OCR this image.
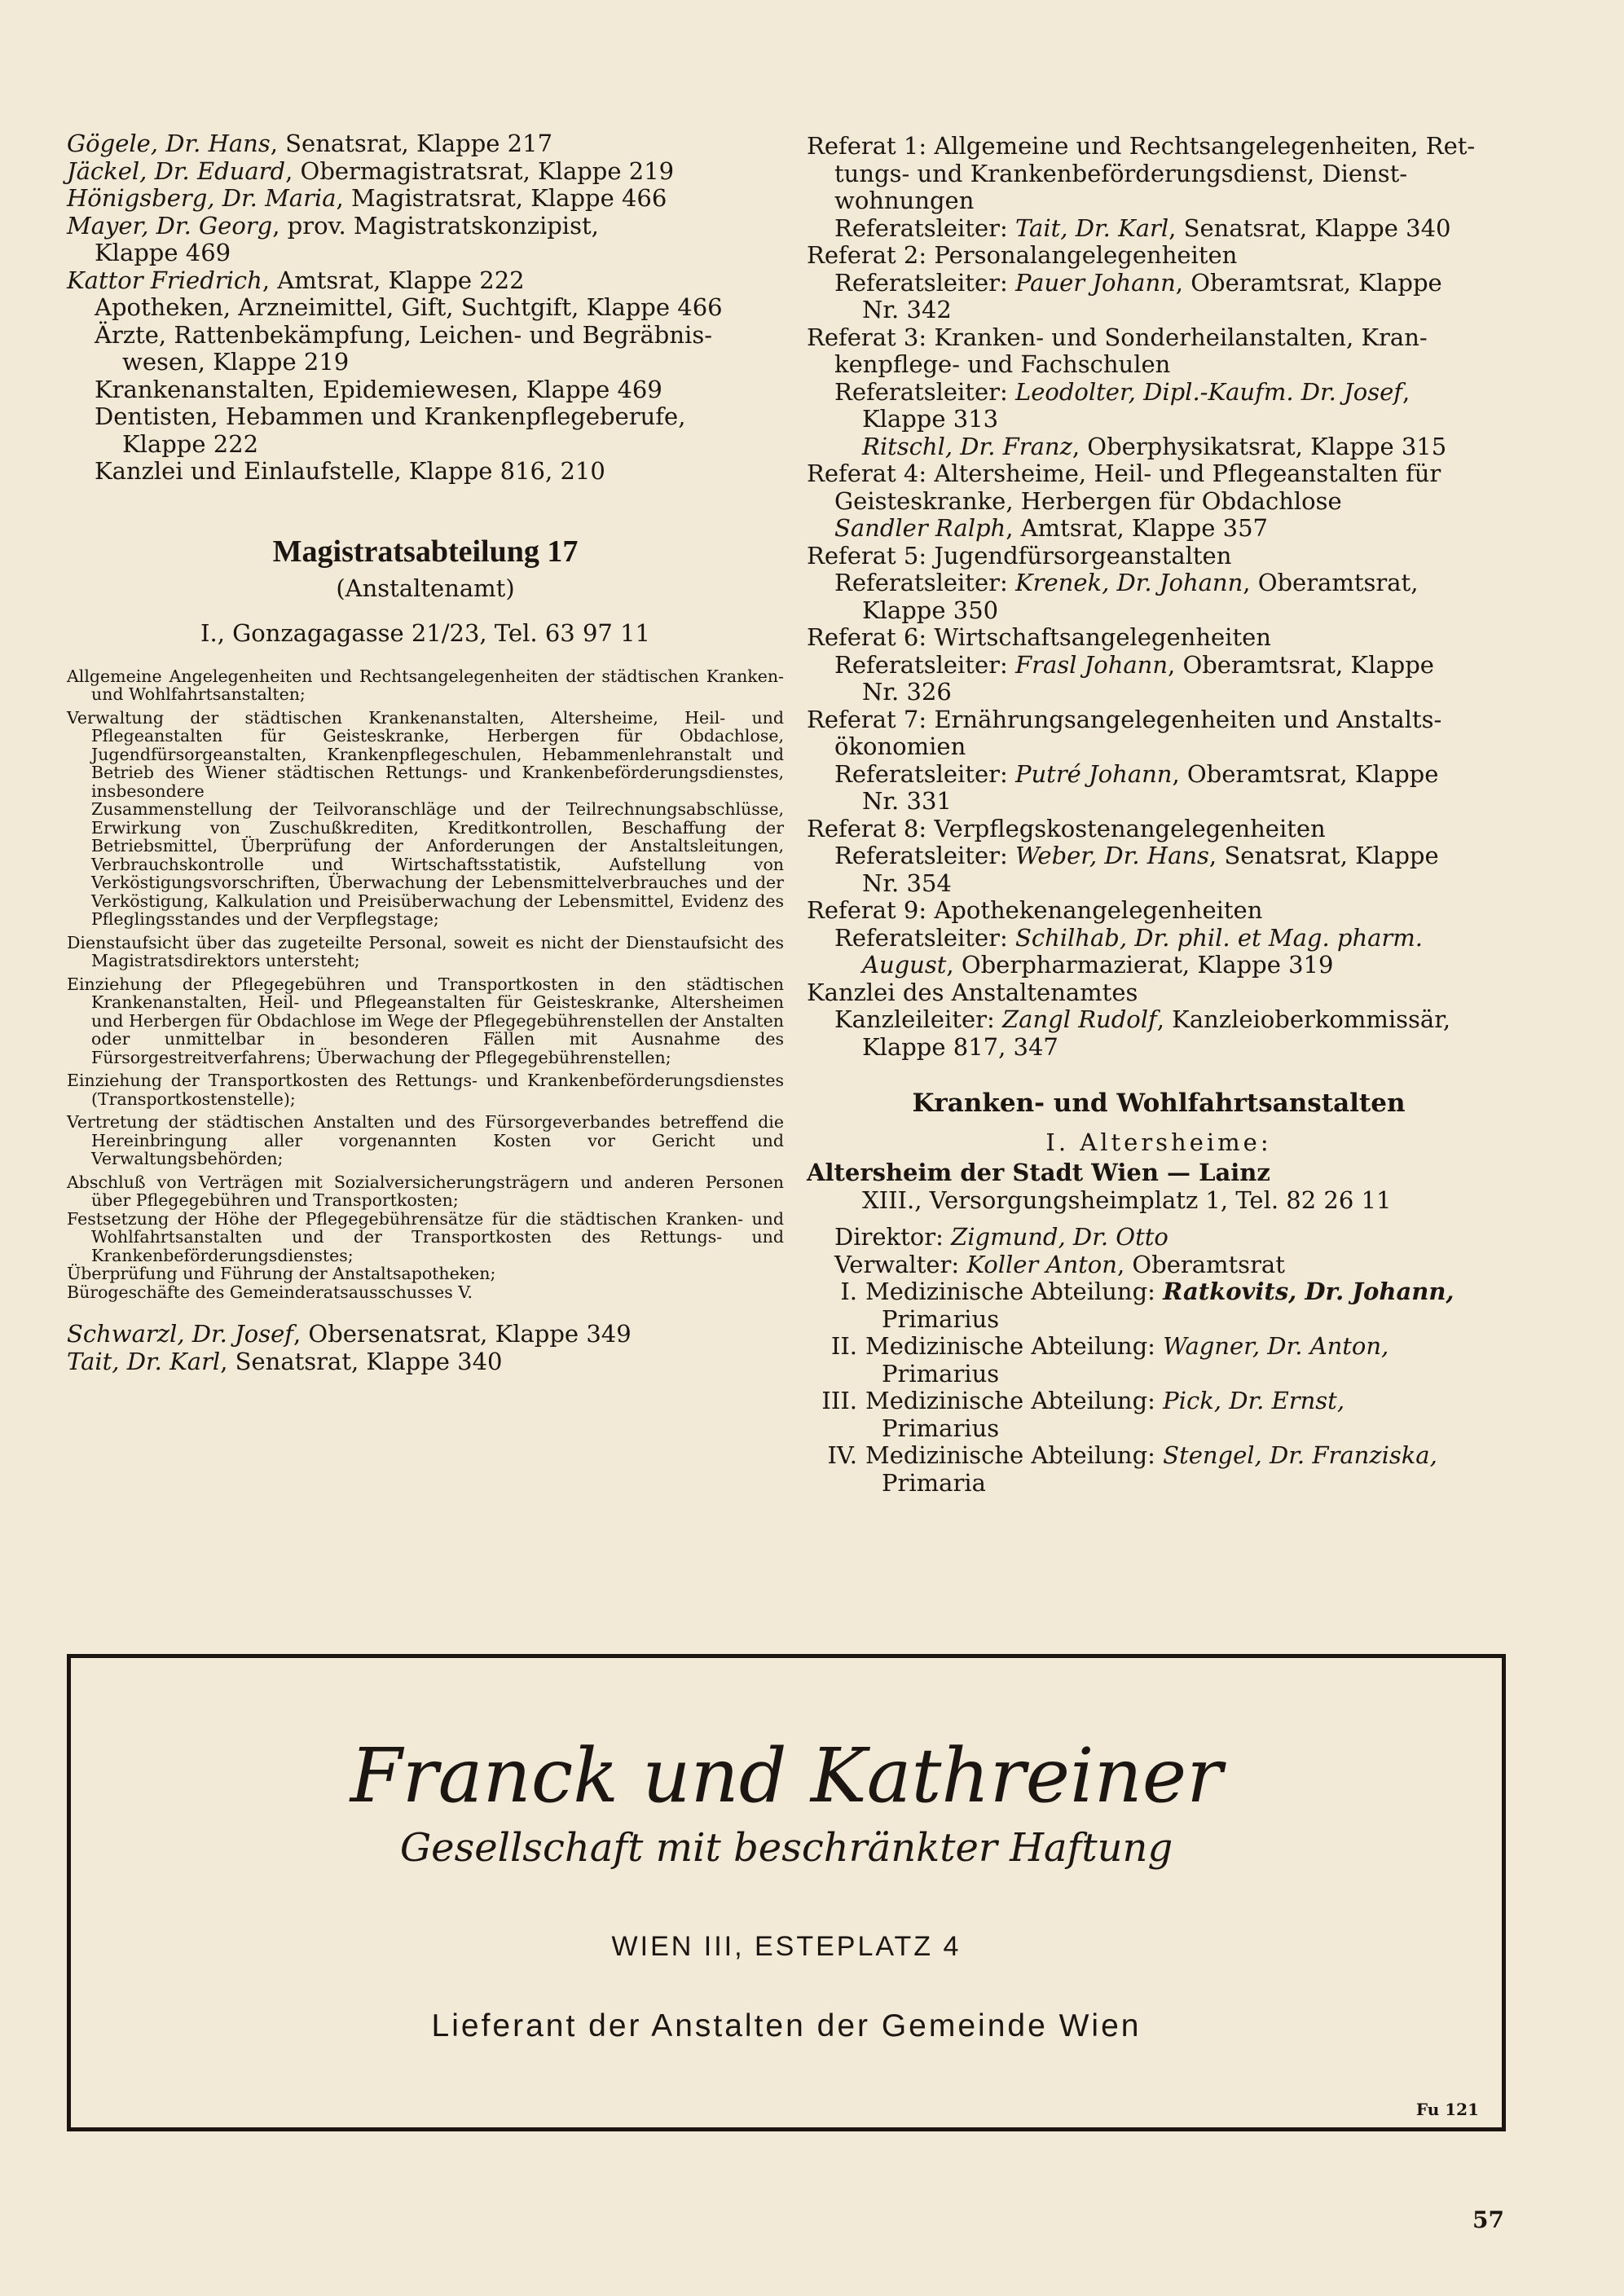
Gögele, Dr. Hans, Senatsrat, Klappe 217
Jäckel, Dr. Eduard, Obermagistratsrat, Klappe 219
Hönigsberg, Dr. Maria, Magistratsrat, Klappe 466
Mayer, Dr. Georg, prov. Magistratskonzipist,
Klappe 469
Kattor Friedrich, Amtsrat, Klappe 222
Apotheken, Arzneimittel, Gift, Suchtgift, Klappe 466
Ärzte, Rattenbekämpfung, Leichen- und Begräbnis-
wesen, Klappe 219
Krankenanstalten, Epidemiewesen, Klappe 469
Dentisten, Hebammen und Krankenpflegeberufe,
Klappe 222
Kanzlei und Einlaufstelle, Klappe 816, 210
Magistratsabteilung 17
(Anstaltenamt)
I., Gonzagagasse 21/23, Tel. 63 97 11

Allgemeine Angelegenheiten und Rechtsangelegenheiten der städtischen Kranken- und Wohlfahrtsanstalten;

Verwaltung der städtischen Krankenanstalten, Altersheime, Heil- und Pflegeanstalten für Geisteskranke, Herbergen für Obdachlose, Jugendfürsorgeanstalten, Krankenpflegeschulen, Hebammenlehranstalt und Betrieb des Wiener städtischen Rettungs- und Krankenbeförderungsdienstes, insbesondere

Zusammenstellung der Teilvoranschläge und der Teilrechnungsabschlüsse, Erwirkung von Zuschußkrediten, Kreditkontrollen, Beschaffung der Betriebsmittel, Überprüfung der Anforderungen der Anstaltsleitungen, Verbrauchskontrolle und Wirtschaftsstatistik, Aufstellung von Verköstigungsvorschriften, Überwachung der Lebensmittelverbrauches und der Verköstigung, Kalkulation und Preisüberwachung der Lebensmittel, Evidenz des Pfleglingsstandes und der Verpflegstage;

Dienstaufsicht über das zugeteilte Personal, soweit es nicht der Dienstaufsicht des Magistratsdirektors untersteht;

Einziehung der Pflegegebühren und Transportkosten in den städtischen Krankenanstalten, Heil- und Pflegeanstalten für Geisteskranke, Altersheimen und Herbergen für Obdachlose im Wege der Pflegegebührenstellen der Anstalten oder unmittelbar in besonderen Fällen mit Ausnahme des Fürsorgestreitverfahrens; Überwachung der Pflegegebührenstellen;

Einziehung der Transportkosten des Rettungs- und Krankenbeförderungsdienstes (Transportkostenstelle);

Vertretung der städtischen Anstalten und des Fürsorgeverbandes betreffend die Hereinbringung aller vorgenannten Kosten vor Gericht und Verwaltungsbehörden;

Abschluß von Verträgen mit Sozialversicherungsträgern und anderen Personen über Pflegegebühren und Transportkosten;

Festsetzung der Höhe der Pflegegebührensätze für die städtischen Kranken- und Wohlfahrtsanstalten und der Transportkosten des Rettungs- und Krankenbeförderungsdienstes;

Überprüfung und Führung der Anstaltsapotheken;

Bürogeschäfte des Gemeinderatsausschusses V.

Schwarzl, Dr. Josef, Obersenatsrat, Klappe 349
Tait, Dr. Karl, Senatsrat, Klappe 340
Referat 1: Allgemeine und Rechtsangelegenheiten, Ret-
tungs- und Krankenbeförderungsdienst, Dienst-
wohnungen
Referatsleiter: Tait, Dr. Karl, Senatsrat, Klappe 340
Referat 2: Personalangelegenheiten
Referatsleiter: Pauer Johann, Oberamtsrat, Klappe
Nr. 342
Referat 3: Kranken- und Sonderheilanstalten, Kran-
kenpflege- und Fachschulen
Referatsleiter: Leodolter, Dipl.-Kaufm. Dr. Josef,
Klappe 313
Ritschl, Dr. Franz, Oberphysikatsrat, Klappe 315
Referat 4: Altersheime, Heil- und Pflegeanstalten für
Geisteskranke, Herbergen für Obdachlose
Sandler Ralph, Amtsrat, Klappe 357
Referat 5: Jugendfürsorgeanstalten
Referatsleiter: Krenek, Dr. Johann, Oberamtsrat,
Klappe 350
Referat 6: Wirtschaftsangelegenheiten
Referatsleiter: Frasl Johann, Oberamtsrat, Klappe
Nr. 326
Referat 7: Ernährungsangelegenheiten und Anstalts-
ökonomien
Referatsleiter: Putré Johann, Oberamtsrat, Klappe
Nr. 331
Referat 8: Verpflegskostenangelegenheiten
Referatsleiter: Weber, Dr. Hans, Senatsrat, Klappe
Nr. 354
Referat 9: Apothekenangelegenheiten
Referatsleiter: Schilhab, Dr. phil. et Mag. pharm.
August, Oberpharmazierat, Klappe 319
Kanzlei des Anstaltenamtes
Kanzleileiter: Zangl Rudolf, Kanzleioberkommissär,
Klappe 817, 347
Kranken- und Wohlfahrtsanstalten
I. Altersheime:
Altersheim der Stadt Wien — Lainz
XIII., Versorgungsheimplatz 1, Tel. 82 26 11
Direktor: Zigmund, Dr. Otto
Verwalter: Koller Anton, Oberamtsrat
I. Medizinische Abteilung: Ratkovits, Dr. Johann,
Primarius
II. Medizinische Abteilung: Wagner, Dr. Anton,
Primarius
III. Medizinische Abteilung: Pick, Dr. Ernst,
Primarius
IV. Medizinische Abteilung: Stengel, Dr. Franziska,
Primaria
Franck und Kathreiner
Gesellschaft mit beschränkter Haftung
WIEN III, ESTEPLATZ 4
Lieferant der Anstalten der Gemeinde Wien
Fu 121
57
